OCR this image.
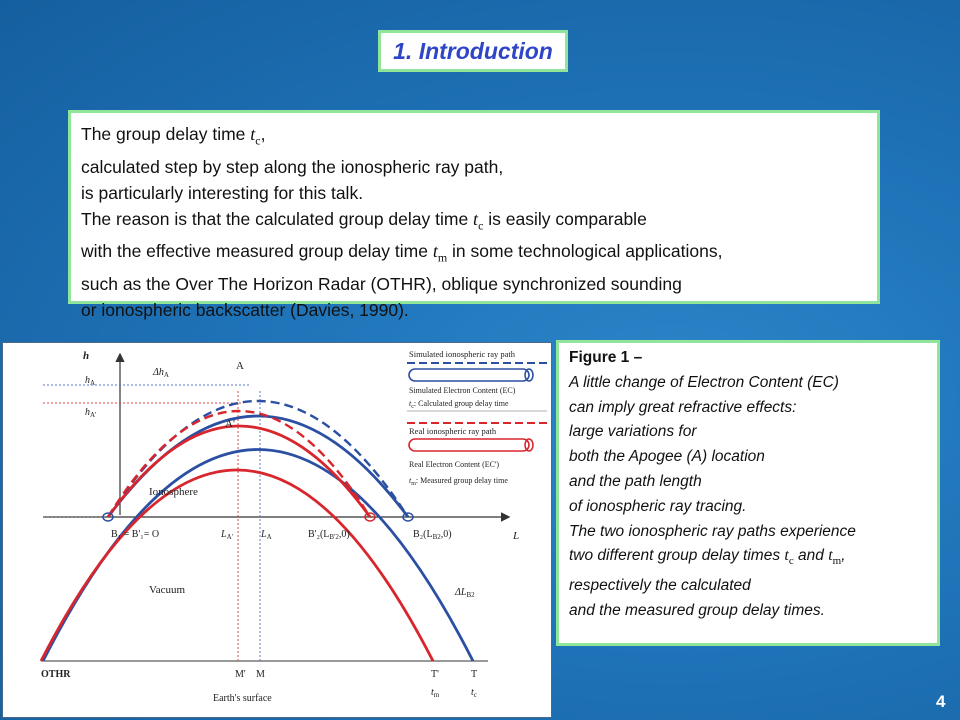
1. Introduction
The group delay time $t_c$,
calculated step by step along the ionospheric ray path,
is particularly interesting for this talk.
The reason is that the calculated group delay time $t_c$ is easily comparable
with the effective measured group delay time $t_m$ in some technological applications,
such as the Over The Horizon Radar (OTHR), oblique synchronized sounding
or ionospheric backscatter (Davies, 1990).
Simulated ionospheric ray path
Simulated Electron Content (EC)
$t_c$: Calculated group delay time
Real ionospheric ray path
Real Electron Content (EC')
$t_m$: Measured group delay time
h
L
A
A'
$\Delta h_A$
$h_A$
$h_{A'}$
Ionosphere
Vacuum
B₁ = B'₁= O	$L_{A'}$	$L_A$	$B'_2(L_{B'2},0)$	$B_2(L_{B2},0)$
$\Delta L_{B2}$
OTHR	M' M	T'	T
$t_m$	$t_c$
Earth's surface
Figure 1 –
A little change of Electron Content (EC)
can imply great refractive effects:
large variations for
both the Apogee (A) location
and the path length
of ionospheric ray tracing.
The two ionospheric ray paths experience
two different group delay times $t_c$ and $t_m$,
respectively the calculated
and the measured group delay times.
4
